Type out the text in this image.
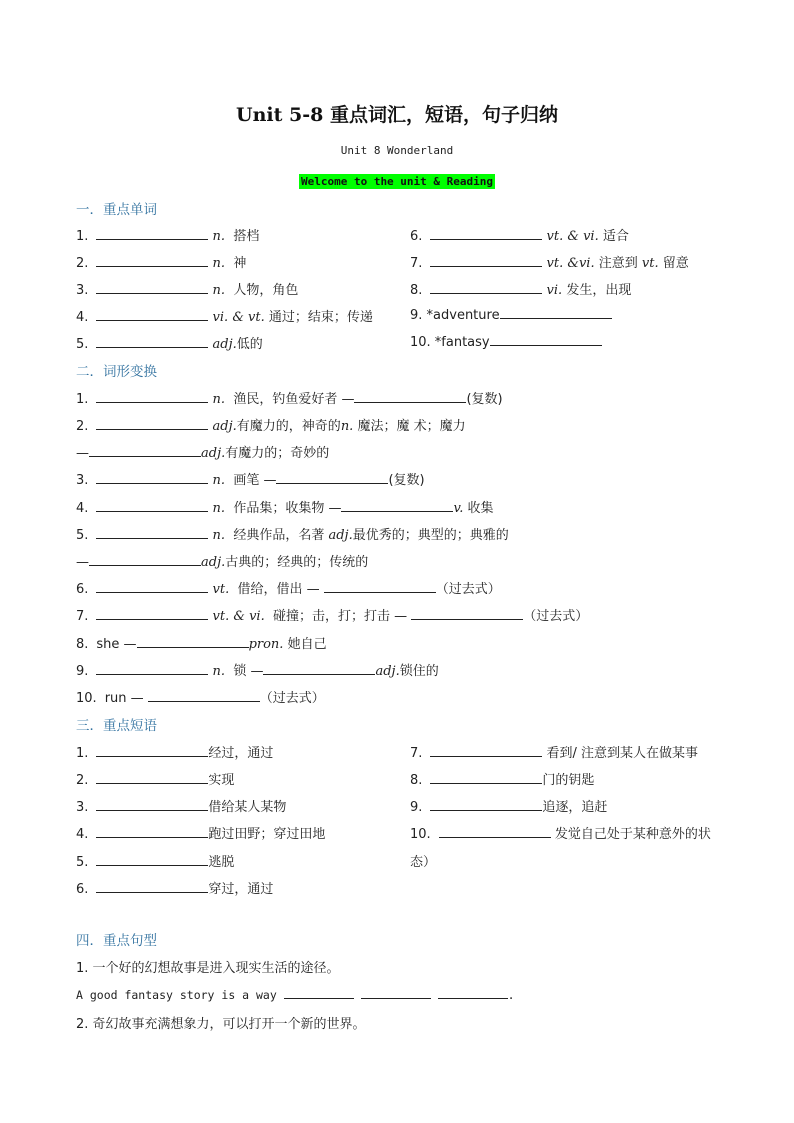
Unit 5-8 重点词汇，短语，句子归纳
Unit 8 Wonderland
Welcome to the unit & Reading
一．重点单词
1.	n. 搭档
2.	n. 神
3.	n. 人物，角色
4.	vi. & vt. 通过；结束；传递
5.	adj.低的
6.	vt. & vi. 适合
7.	vt. &vi. 注意到 vt. 留意
8.	vi. 发生，出现
9. *adventure
10. *fantasy
二．词形变换
1.	n. 渔民，钓鱼爱好者 —	(复数)
2.	adj.有魔力的，神奇的n. 魔法；魔 术；魔力
—	adj.有魔力的；奇妙的
3.	n. 画笔 —	(复数)
4.	n. 作品集；收集物 —	v. 收集
5.	n. 经典作品，名著 adj.最优秀的；典型的；典雅的
—	adj.古典的；经典的；传统的
6.	vt. 借给，借出 —	（过去式）
7.	vt. & vi. 碰撞；击，打；打击 —	（过去式）
8. she —	pron. 她自己
9.	n. 锁 —	adj.锁住的
10. run —	（过去式）
三．重点短语
1.	经过，通过
2.	实现
3.	借给某人某物
4.	跑过田野；穿过田地
5.	逃脱
6.	穿过，通过
7.	看到/ 注意到某人在做某事
8.	门的钥匙
9.	追逐，追赶
10.	发觉自己处于某种意外的状
态）
四．重点句型
1. 一个好的幻想故事是进入现实生活的途径。
A good fantasy story is a way	.
2. 奇幻故事充满想象力，可以打开一个新的世界。
